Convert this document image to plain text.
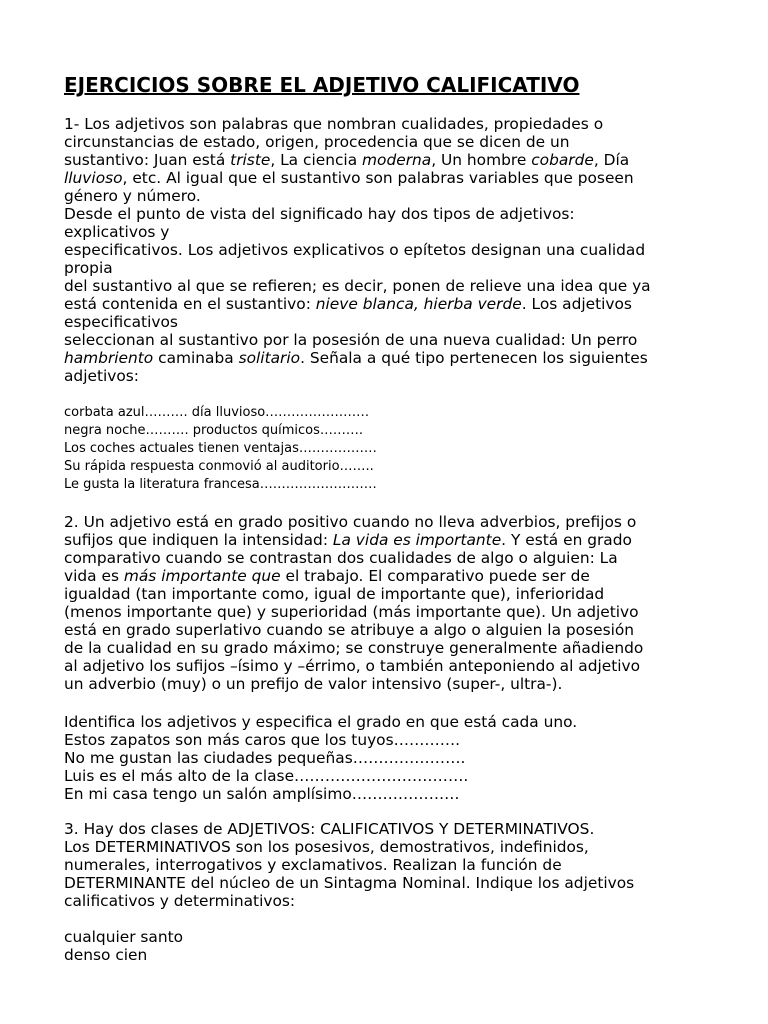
EJERCICIOS SOBRE EL ADJETIVO CALIFICATIVO
1- Los adjetivos son palabras que nombran cualidades, propiedades o
circunstancias de estado, origen, procedencia que se dicen de un
sustantivo: Juan está triste, La ciencia moderna, Un hombre cobarde, Día
lluvioso, etc. Al igual que el sustantivo son palabras variables que poseen
género y número.
Desde el punto de vista del significado hay dos tipos de adjetivos:
explicativos y
especificativos. Los adjetivos explicativos o epítetos designan una cualidad
propia
del sustantivo al que se refieren; es decir, ponen de relieve una idea que ya
está contenida en el sustantivo: nieve blanca, hierba verde. Los adjetivos
especificativos
seleccionan al sustantivo por la posesión de una nueva cualidad: Un perro
hambriento caminaba solitario. Señala a qué tipo pertenecen los siguientes
adjetivos:
corbata azul………. día lluvioso……………………
negra noche………. productos químicos……….
Los coches actuales tienen ventajas………………
Su rápida respuesta conmovió al auditorio……..
Le gusta la literatura francesa………………………
2. Un adjetivo está en grado positivo cuando no lleva adverbios, prefijos o
sufijos que indiquen la intensidad: La vida es importante. Y está en grado
comparativo cuando se contrastan dos cualidades de algo o alguien: La
vida es más importante que el trabajo. El comparativo puede ser de
igualdad (tan importante como, igual de importante que), inferioridad
(menos importante que) y superioridad (más importante que). Un adjetivo
está en grado superlativo cuando se atribuye a algo o alguien la posesión
de la cualidad en su grado máximo; se construye generalmente añadiendo
al adjetivo los sufijos –ísimo y –érrimo, o también anteponiendo al adjetivo
un adverbio (muy) o un prefijo de valor intensivo (super-, ultra-).
Identifica los adjetivos y especifica el grado en que está cada uno.
Estos zapatos son más caros que los tuyos………….
No me gustan las ciudades pequeñas………………….
Luis es el más alto de la clase…………………………….
En mi casa tengo un salón amplísimo…………………
3. Hay dos clases de ADJETIVOS: CALIFICATIVOS Y DETERMINATIVOS.
Los DETERMINATIVOS son los posesivos, demostrativos, indefinidos,
numerales, interrogativos y exclamativos. Realizan la función de
DETERMINANTE del núcleo de un Sintagma Nominal. Indique los adjetivos
calificativos y determinativos:
cualquier santo
denso cien
